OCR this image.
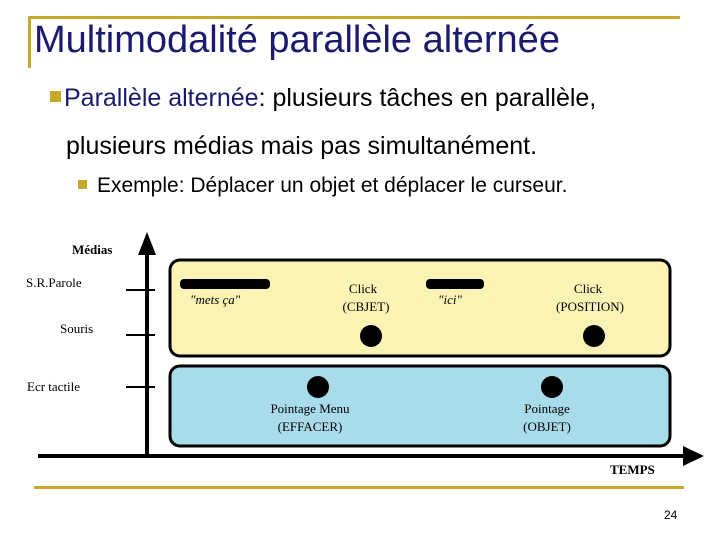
Multimodalité parallèle alternée
Parallèle alternée: plusieurs tâches en parallèle,
plusieurs médias mais pas simultanément.
Exemple: Déplacer un objet et déplacer le curseur.
Médias
TEMPS
S.R.Parole
Souris
Ecr tactile
"mets ça"	"ici"
Click
(CBJET)
Click
(POSITION)
Pointage Menu
(EFFACER)
Pointage
(OBJET)
24
